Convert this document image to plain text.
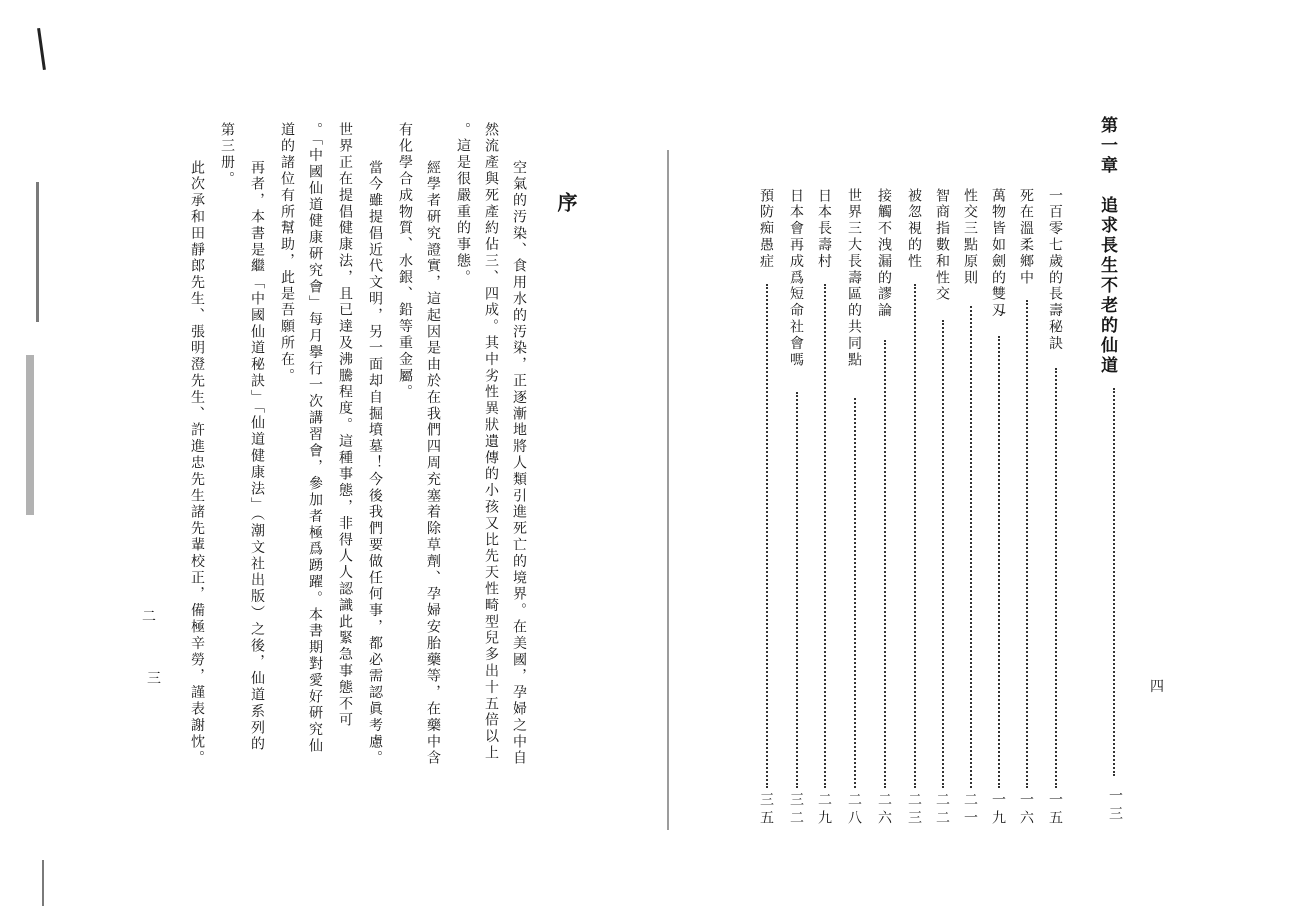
序
空氣的汚染、食用水的汚染，正逐漸地將人類引進死亡的境界。在美國，孕婦之中自
然流產與死產約佔三、四成。其中劣性異狀遺傳的小孩又比先天性畸型兒多出十五倍以上
。這是很嚴重的事態。
經學者硏究證實，這起因是由於在我們四周充塞着除草劑、孕婦安胎藥等，在藥中含
有化學合成物質、水銀、鉛等重金屬。
當今雖提倡近代文明，另一面却自掘墳墓！今後我們要做任何事，都必需認眞考慮。
世界正在提倡健康法，且已達及沸騰程度。這種事態，非得人人認識此緊急事態不可
。「中國仙道健康硏究會」每月擧行一次講習會，參加者極爲踴躍。本書期對愛好硏究仙
道的諸位有所幫助，此是吾願所在。
再者，本書是繼「中國仙道秘訣」「仙道健康法」（潮文社出版）之後，仙道系列的
第三册。
此次承和田靜郎先生、張明澄先生、許進忠先生諸先輩校正，備極辛勞，謹表謝忱。
二
三
第一章　追求長生不老的仙道
一三
一百零七歲的長壽秘訣
一五
死在溫柔鄉中
一六
萬物皆如劍的雙刄
一九
性交三點原則
二一
智商指數和性交
二二
被忽視的性
二三
接觸不洩漏的謬論
二六
世界三大長壽區的共同點
二八
日本長壽村
二九
日本會再成爲短命社會嗎
三二
預防痴愚症
三五
四
